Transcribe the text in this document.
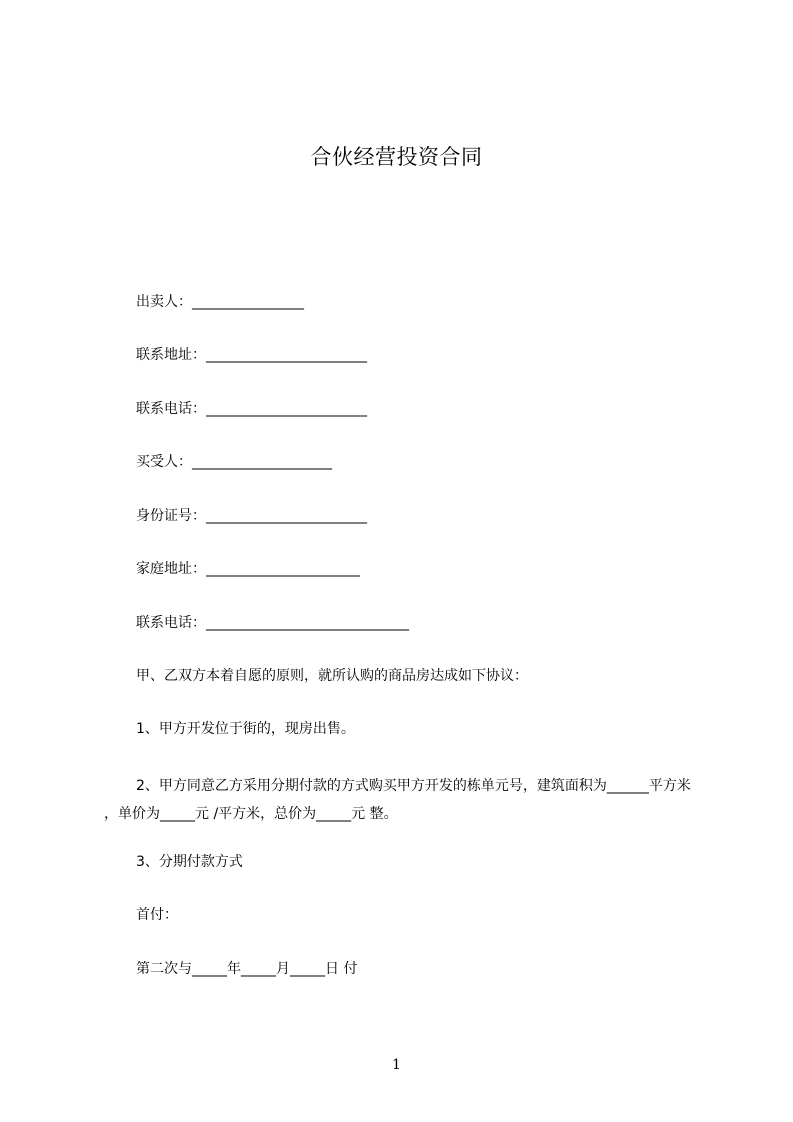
合伙经营投资合同
出卖人：________________
联系地址：_______________________
联系电话：_______________________
买受人：____________________
身份证号：_______________________
家庭地址：______________________
联系电话：_____________________________
甲、乙双方本着自愿的原则，就所认购的商品房达成如下协议：
1、甲方开发位于街的，现房出售。
2、甲方同意乙方采用分期付款的方式购买甲方开发的栋单元号，建筑面积为______平方米 ，单价为_____元 /平方米，总价为_____元 整。
3、分期付款方式
首付：
第二次与_____年_____月_____日 付
1
